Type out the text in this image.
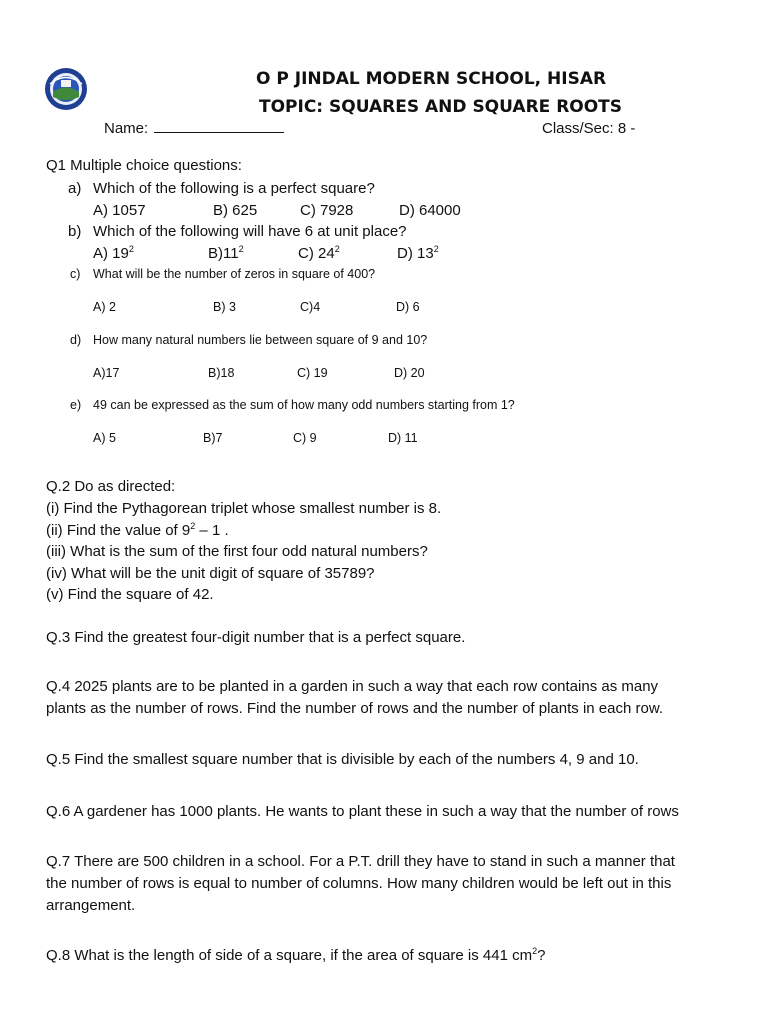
O P JINDAL MODERN SCHOOL, HISAR
TOPIC: SQUARES AND SQUARE ROOTS
Name:	Class/Sec: 8 -
Q1 Multiple choice questions:
a) Which of the following is a perfect square?
A) 1057	B) 625	C) 7928	D) 64000
b) Which of the following will have 6 at unit place?
A) $19^2$	$B)11^2$	C) $24^2$	D) $13^2$
c) What will be the number of zeros in square of 400?
A) 2	B) 3	C)4	D) 6
d) How many natural numbers lie between square of 9 and 10?
A)17	B)18	C) 19	D) 20
e) 49 can be expressed as the sum of how many odd numbers starting from 1?
A) 5	B)7	C) 9	D) 11
Q.2 Do as directed:
(i) Find the Pythagorean triplet whose smallest number is 8.
(ii) Find the value of $9^2 - 1$ .
(iii) What is the sum of the first four odd natural numbers?
(iv) What will be the unit digit of square of 35789?
(v) Find the square of 42.
Q.3 Find the greatest four-digit number that is a perfect square.
Q.4 2025 plants are to be planted in a garden in such a way that each row contains as many
plants as the number of rows. Find the number of rows and the number of plants in each row.
Q.5 Find the smallest square number that is divisible by each of the numbers 4, 9 and 10.
Q.6 A gardener has 1000 plants. He wants to plant these in such a way that the number of rows
Q.7 There are 500 children in a school. For a P.T. drill they have to stand in such a manner that
the number of rows is equal to number of columns. How many children would be left out in this
arrangement.
Q.8 What is the length of side of a square, if the area of square is 441 $cm^2$?
